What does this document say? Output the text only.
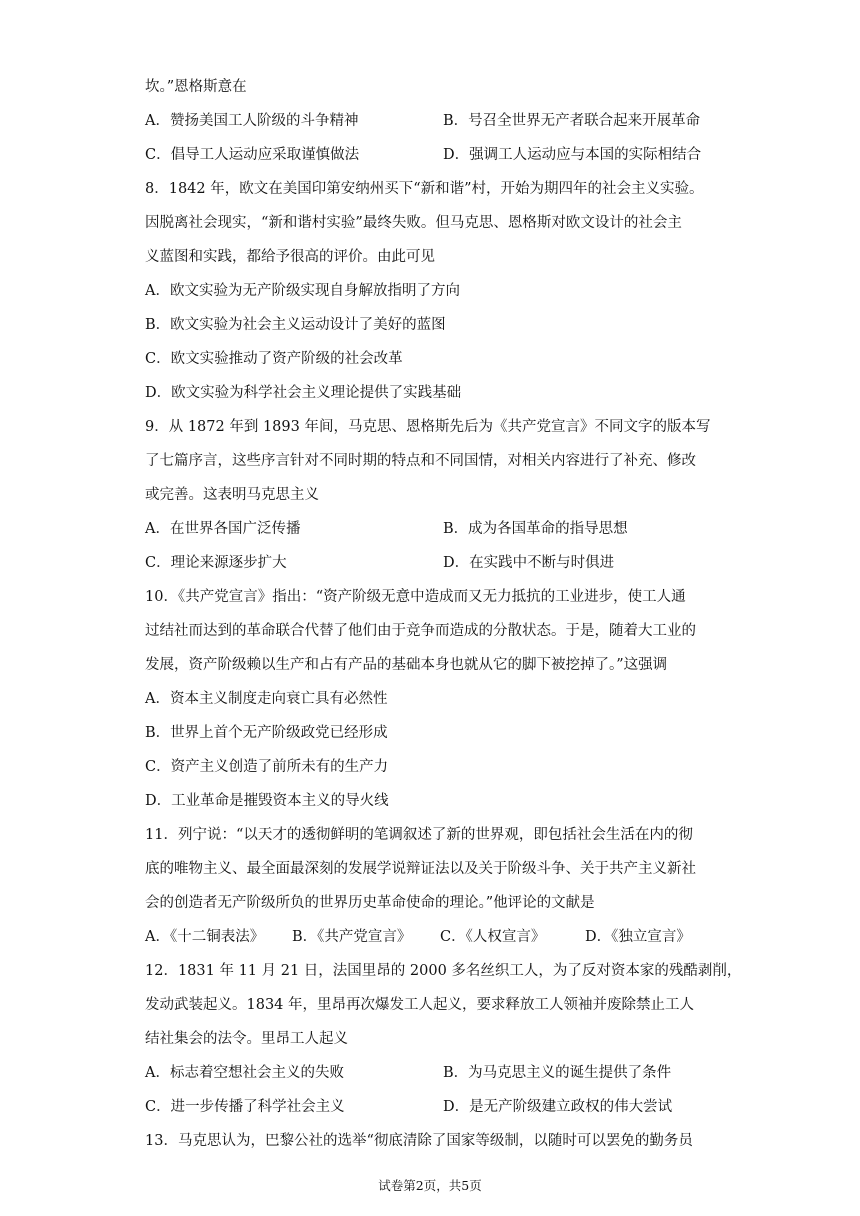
坎。”恩格斯意在
A．赞扬美国工人阶级的斗争精神	B．号召全世界无产者联合起来开展革命
C．倡导工人运动应采取谨慎做法	D．强调工人运动应与本国的实际相结合
8．1842 年，欧文在美国印第安纳州买下“新和谐”村，开始为期四年的社会主义实验。
因脱离社会现实，“新和谐村实验”最终失败。但马克思、恩格斯对欧文设计的社会主
义蓝图和实践，都给予很高的评价。由此可见
A．欧文实验为无产阶级实现自身解放指明了方向
B．欧文实验为社会主义运动设计了美好的蓝图
C．欧文实验推动了资产阶级的社会改革
D．欧文实验为科学社会主义理论提供了实践基础
9．从 1872 年到 1893 年间，马克思、恩格斯先后为《共产党宣言》不同文字的版本写
了七篇序言，这些序言针对不同时期的特点和不同国情，对相关内容进行了补充、修改
或完善。这表明马克思主义
A．在世界各国广泛传播	B．成为各国革命的指导思想
C．理论来源逐步扩大	D．在实践中不断与时俱进
10．《共产党宣言》指出：“资产阶级无意中造成而又无力抵抗的工业进步，使工人通
过结社而达到的革命联合代替了他们由于竞争而造成的分散状态。于是，随着大工业的
发展，资产阶级赖以生产和占有产品的基础本身也就从它的脚下被挖掉了。”这强调
A．资本主义制度走向衰亡具有必然性
B．世界上首个无产阶级政党已经形成
C．资产主义创造了前所未有的生产力
D．工业革命是摧毁资本主义的导火线
11．列宁说：“以天才的透彻鲜明的笔调叙述了新的世界观，即包括社会生活在内的彻
底的唯物主义、最全面最深刻的发展学说辩证法以及关于阶级斗争、关于共产主义新社
会的创造者无产阶级所负的世界历史革命使命的理论。”他评论的文献是
A．《十二铜表法》	B．《共产党宣言》	C．《人权宣言》	D．《独立宣言》
12．1831 年 11 月 21 日，法国里昂的 2000 多名丝织工人，为了反对资本家的残酷剥削，
发动武装起义。1834 年，里昂再次爆发工人起义，要求释放工人领袖并废除禁止工人
结社集会的法令。里昂工人起义
A．标志着空想社会主义的失败	B．为马克思主义的诞生提供了条件
C．进一步传播了科学社会主义	D．是无产阶级建立政权的伟大尝试
13．马克思认为，巴黎公社的选举“彻底清除了国家等级制，以随时可以罢免的勤务员
试卷第2页，共5页
